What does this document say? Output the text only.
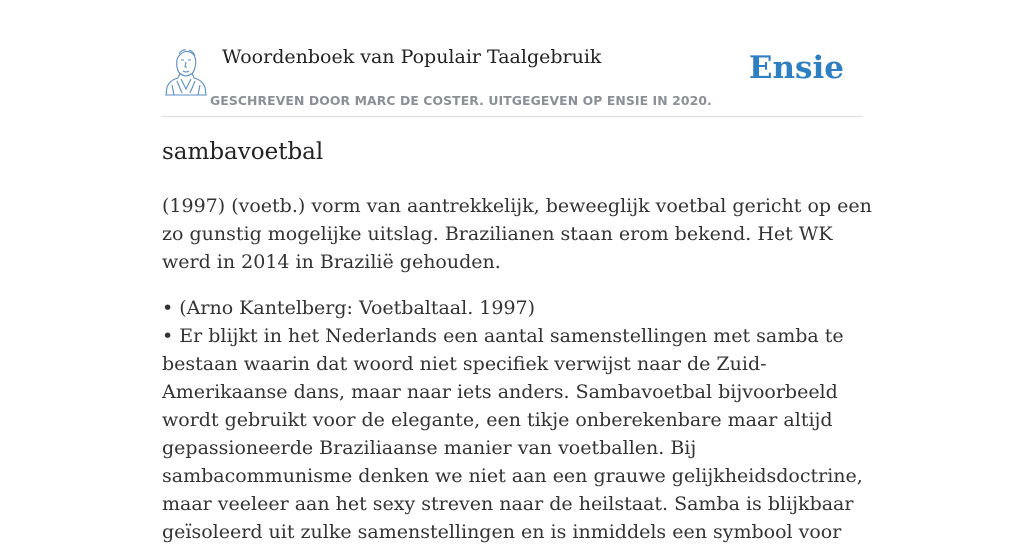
Woordenboek van Populair Taalgebruik
GESCHREVEN DOOR MARC DE COSTER. UITGEGEVEN OP ENSIE IN 2020.
Ensie
sambavoetbal

(1997) (voetb.) vorm van aantrekkelijk, beweeglijk voetbal gericht op een zo gunstig mogelijke uitslag. Brazilianen staan erom bekend. Het WK werd in 2014 in Brazilië gehouden.

• (Arno Kantelberg: Voetbaltaal. 1997)

• Er blijkt in het Nederlands een aantal samenstellingen met samba te bestaan waarin dat woord niet specifiek verwijst naar de Zuid-Amerikaanse dans, maar naar iets anders. Sambavoetbal bijvoorbeeld wordt gebruikt voor de elegante, een tikje onberekenbare maar altijd gepassioneerde Braziliaanse manier van voetballen. Bij sambacommunisme denken we niet aan een grauwe gelijkheidsdoctrine, maar veeleer aan het sexy streven naar de heilstaat. Samba is blijkbaar geïsoleerd uit zulke samenstellingen en is inmiddels een symbool voor
